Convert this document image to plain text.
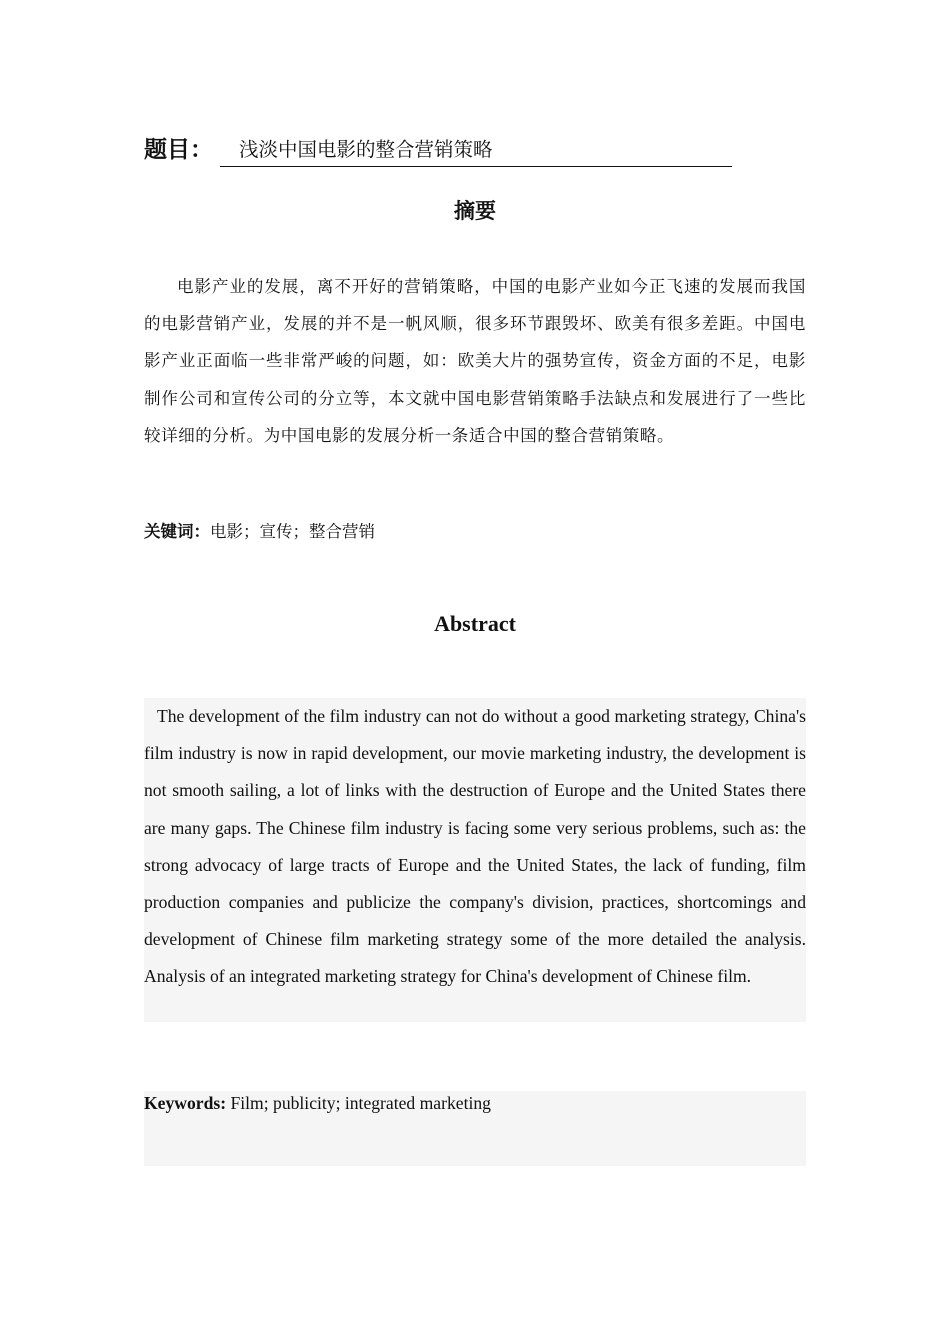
题目：	浅淡中国电影的整合营销策略
摘要

电影产业的发展，离不开好的营销策略，中国的电影产业如今正飞速的发展而我国的电影营销产业，发展的并不是一帆风顺，很多环节跟毁坏、欧美有很多差距。中国电影产业正面临一些非常严峻的问题，如：欧美大片的强势宣传，资金方面的不足，电影制作公司和宣传公司的分立等，本文就中国电影营销策略手法缺点和发展进行了一些比较详细的分析。为中国电影的发展分析一条适合中国的整合营销策略。

关键词：电影；宣传；整合营销
Abstract

The development of the film industry can not do without a good marketing strategy, China's film industry is now in rapid development, our movie marketing industry, the development is not smooth sailing, a lot of links with the destruction of Europe and the United States there are many gaps. The Chinese film industry is facing some very serious problems, such as: the strong advocacy of large tracts of Europe and the United States, the lack of funding, film production companies and publicize the company's division, practices, shortcomings and development of Chinese film marketing strategy some of the more detailed the analysis. Analysis of an integrated marketing strategy for China's development of Chinese film.

Keywords: Film; publicity; integrated marketing
